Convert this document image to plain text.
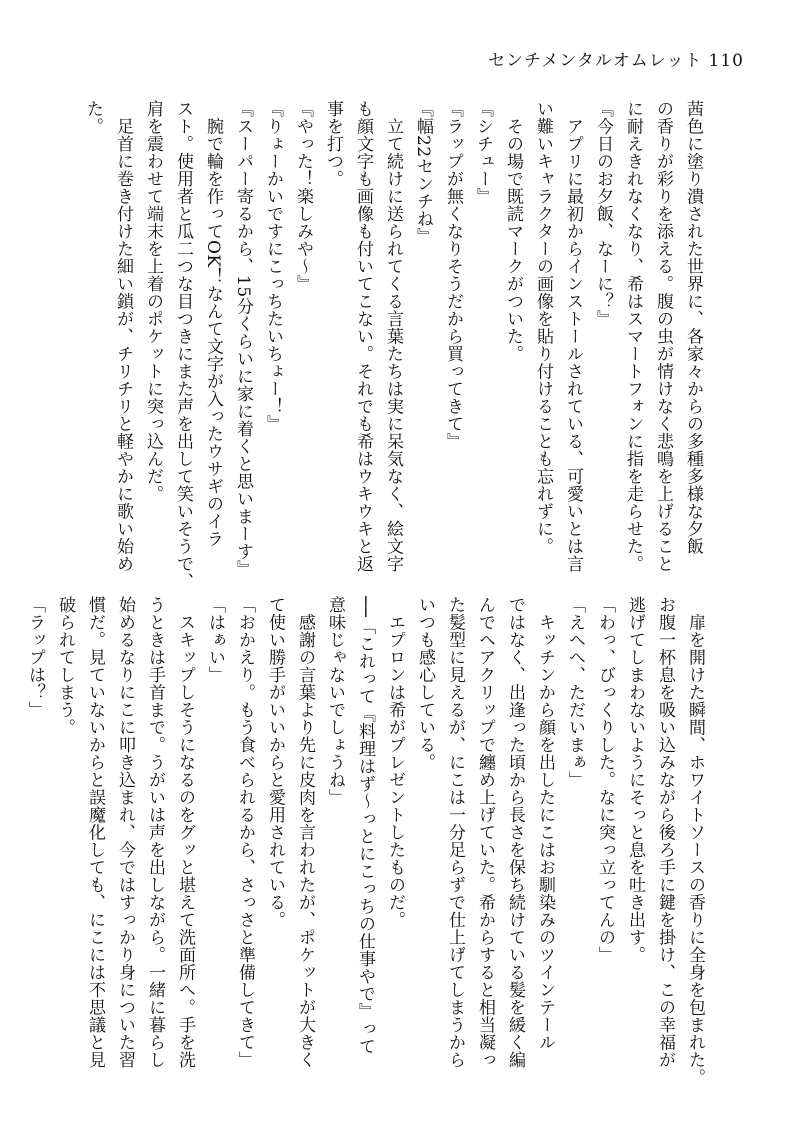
センチメンタルオムレット 110
茜色に塗り潰された世界に、各家々からの多種多様な夕飯
の香りが彩りを添える。腹の虫が情けなく悲鳴を上げること
に耐えきれなくなり、希はスマートフォンに指を走らせた。
『今日のお夕飯、なーに？』
　アプリに最初からインストールされている、可愛いとは言
い難いキャラクターの画像を貼り付けることも忘れずに。
　その場で既読マークがついた。
『シチュー』
『ラップが無くなりそうだから買ってきて』
『幅22センチね』
　立て続けに送られてくる言葉たちは実に呆気なく、絵文字
も顔文字も画像も付いてこない。それでも希はウキウキと返
事を打つ。
『やった！楽しみや〜』
『りょーかいですにこっちたいちょー！』
『スーパー寄るから、15分くらいに家に着くと思いまーす』
　腕で輪を作ってOK！なんて文字が入ったウサギのイラ
スト。使用者と瓜二つな目つきにまた声を出して笑いそうで、
肩を震わせて端末を上着のポケットに突っ込んだ。
　足首に巻き付けた細い鎖が、チリチリと軽やかに歌い始め
た。
　扉を開けた瞬間、ホワイトソースの香りに全身を包まれた。
お腹一杯息を吸い込みながら後ろ手に鍵を掛け、この幸福が
逃げてしまわないようにそっと息を吐き出す。
「わっ、びっくりした。なに突っ立ってんの」
「えへへ、ただいまぁ」
　キッチンから顔を出したにこはお馴染みのツインテール
ではなく、出逢った頃から長さを保ち続けている髪を緩く編
んでヘアクリップで纏め上げていた。希からすると相当凝っ
た髪型に見えるが、にこは一分足らずで仕上げてしまうから
いつも感心している。
　エプロンは希がプレゼントしたものだ。
──「これって『料理はず〜っとにこっちの仕事やで』って
意味じゃないでしょうね」
　感謝の言葉より先に皮肉を言われたが、ポケットが大きく
て使い勝手がいいからと愛用されている。
「おかえり。もう食べられるから、さっさと準備してきて」
「はぁい」
　スキップしそうになるのをグッと堪えて洗面所へ。手を洗
うときは手首まで。うがいは声を出しながら。一緒に暮らし
始めるなりにこに叩き込まれ、今ではすっかり身についた習
慣だ。見ていないからと誤魔化しても、にこには不思議と見
破られてしまう。
「ラップは？」
